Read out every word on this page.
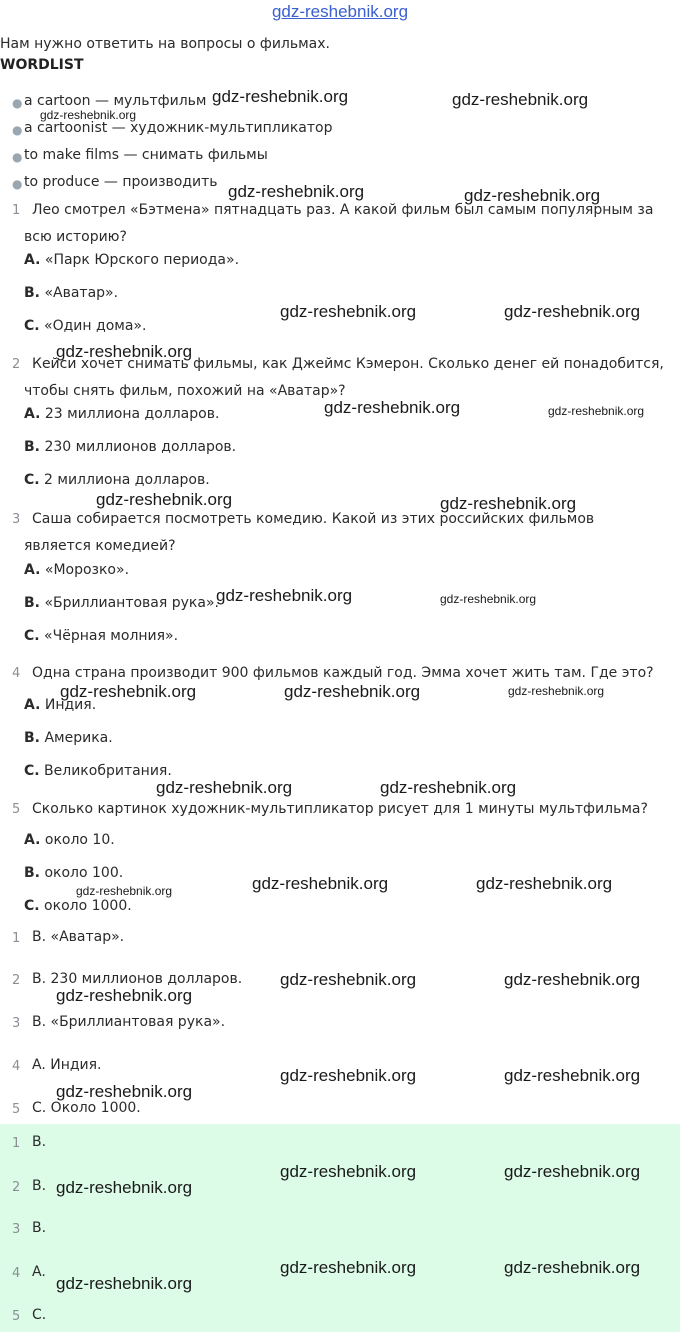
gdz-reshebnik.org
Нам нужно ответить на вопросы о фильмах.
WORDLIST
● a cartoon — мультфильм
● a cartoonist — художник-мультипликатор
● to make films — снимать фильмы
● to produce — производить
1 Лео смотрел «Бэтмена» пятнадцать раз. А какой фильм был самым популярным за всю историю?
A. «Парк Юрского периода».
B. «Аватар».
C. «Один дома».
2 Кейси хочет снимать фильмы, как Джеймс Кэмерон. Сколько денег ей понадобится, чтобы снять фильм, похожий на «Аватар»?
A. 23 миллиона долларов.
B. 230 миллионов долларов.
C. 2 миллиона долларов.
3 Саша собирается посмотреть комедию. Какой из этих российских фильмов является комедией?
A. «Морозко».
B. «Бриллиантовая рука».
C. «Чёрная молния».
4 Одна страна производит 900 фильмов каждый год. Эмма хочет жить там. Где это?
A. Индия.
B. Америка.
C. Великобритания.
5 Сколько картинок художник-мультипликатор рисует для 1 минуты мультфильма?
A. около 10.
B. около 100.
C. около 1000.
1 B. «Аватар».
2 B. 230 миллионов долларов.
3 B. «Бриллиантовая рука».
4 A. Индия.
5 C. Около 1000.
1 B.
2 B.
3 B.
4 A.
5 C.
gdz-reshebnik.org	gdz-reshebnik.org
gdz-reshebnik.org
gdz-reshebnik.org	gdz-reshebnik.org
gdz-reshebnik.org	gdz-reshebnik.org
gdz-reshebnik.org
gdz-reshebnik.org	gdz-reshebnik.org
gdz-reshebnik.org	gdz-reshebnik.org
gdz-reshebnik.org	gdz-reshebnik.org
gdz-reshebnik.org	gdz-reshebnik.org	gdz-reshebnik.org
gdz-reshebnik.org	gdz-reshebnik.org
gdz-reshebnik.org	gdz-reshebnik.org
gdz-reshebnik.org
gdz-reshebnik.org	gdz-reshebnik.org
gdz-reshebnik.org
gdz-reshebnik.org	gdz-reshebnik.org
gdz-reshebnik.org
gdz-reshebnik.org	gdz-reshebnik.org
gdz-reshebnik.org
gdz-reshebnik.org	gdz-reshebnik.org
gdz-reshebnik.org
